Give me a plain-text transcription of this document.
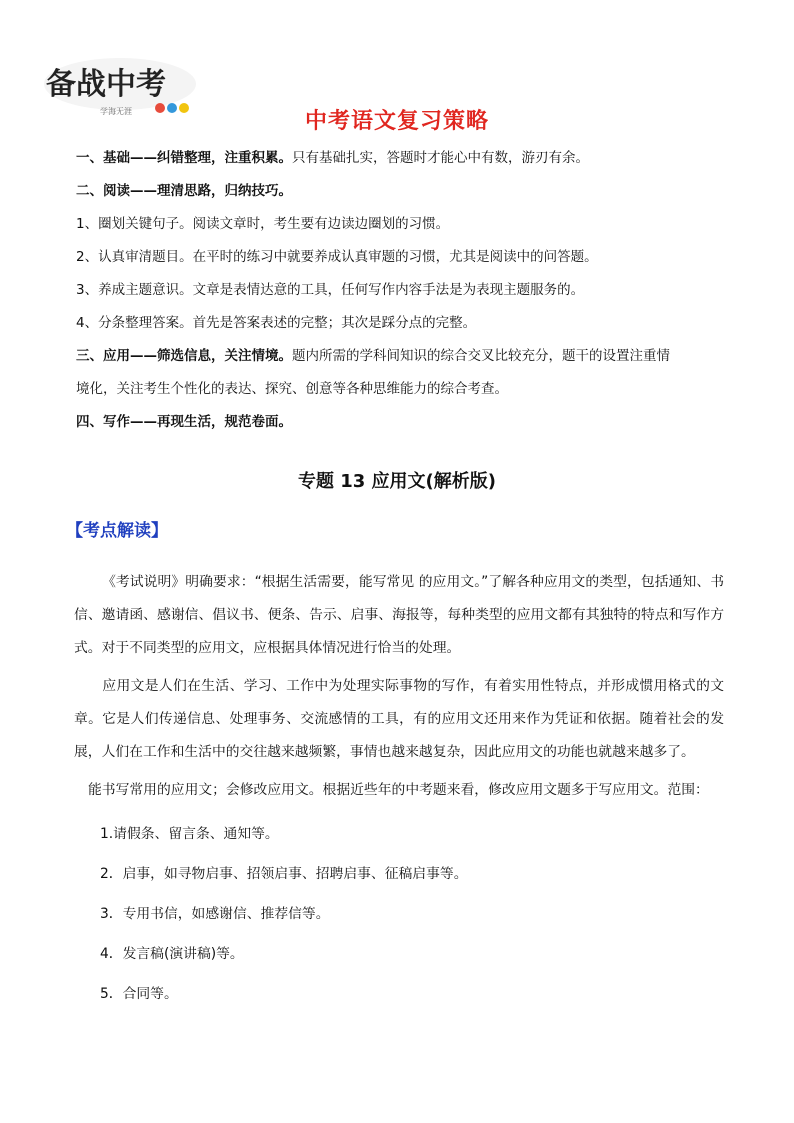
备战中考
学海无涯	中考语文复习策略
一、基础——纠错整理，注重积累。只有基础扎实，答题时才能心中有数，游刃有余。
二、阅读——理清思路，归纳技巧。
1、圈划关键句子。阅读文章时，考生要有边读边圈划的习惯。
2、认真审清题目。在平时的练习中就要养成认真审题的习惯，尤其是阅读中的问答题。
3、养成主题意识。文章是表情达意的工具，任何写作内容手法是为表现主题服务的。
4、分条整理答案。首先是答案表述的完整；其次是踩分点的完整。
三、应用——筛选信息，关注情境。题内所需的学科间知识的综合交叉比较充分，题干的设置注重情
境化，关注考生个性化的表达、探究、创意等各种思维能力的综合考查。
四、写作——再现生活，规范卷面。
专题 13 应用文(解析版)
【考点解读】
《考试说明》明确要求：“根据生活需要，能写常见 的应用文。”了解各种应用文的类型，包括通知、书信、邀请函、感谢信、倡议书、便条、告示、启事、海报等，每种类型的应用文都有其独特的特点和写作方式。对于不同类型的应用文，应根据具体情况进行恰当的处理。
应用文是人们在生活、学习、工作中为处理实际事物的写作，有着实用性特点，并形成惯用格式的文章。它是人们传递信息、处理事务、交流感情的工具，有的应用文还用来作为凭证和依据。随着社会的发展，人们在工作和生活中的交往越来越频繁，事情也越来越复杂，因此应用文的功能也就越来越多了。
能书写常用的应用文；会修改应用文。根据近些年的中考题来看，修改应用文题多于写应用文。范围：
1.请假条、留言条、通知等。
2．启事，如寻物启事、招领启事、招聘启事、征稿启事等。
3．专用书信，如感谢信、推荐信等。
4．发言稿(演讲稿)等。
5．合同等。
